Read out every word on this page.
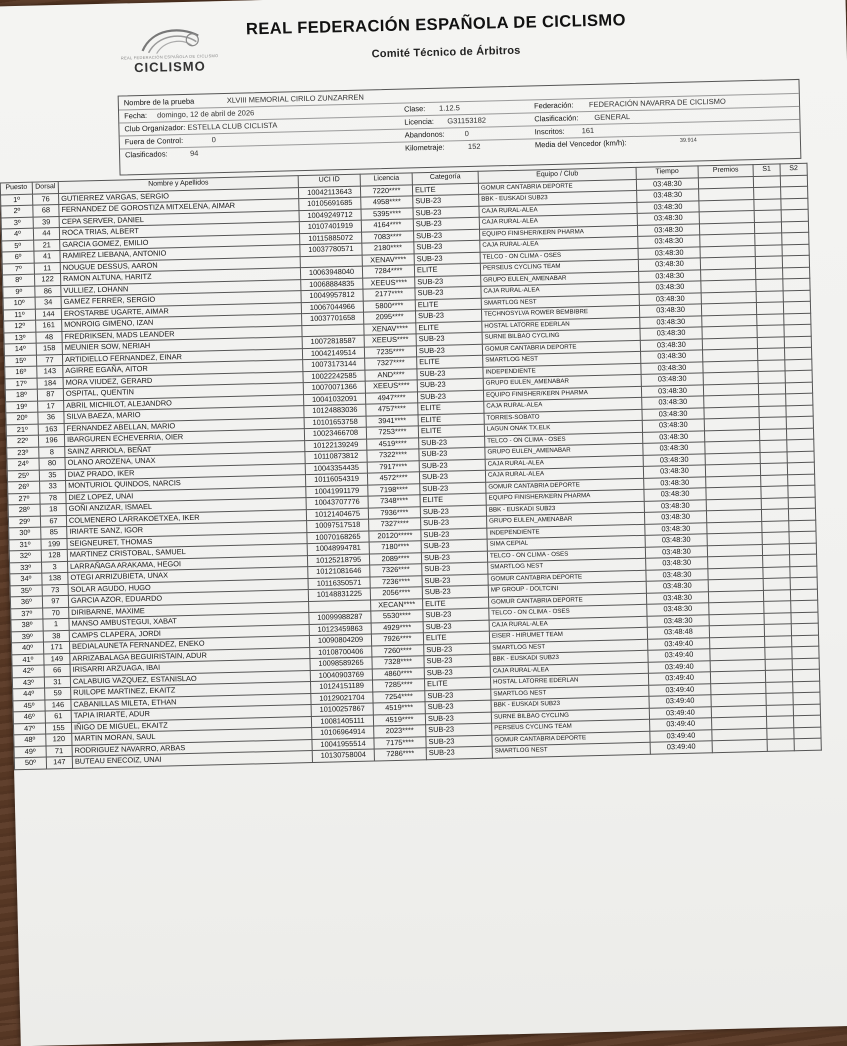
REAL FEDERACIÓN ESPAÑOLA DE CICLISMO
CICLISMO
REAL FEDERACIÓN ESPAÑOLA DE CICLISMO
Comité Técnico de Árbitros
Nombre de la prueba	XLVIII MEMORIAL CIRILO ZUNZARREN
Fecha: domingo, 12 de abril de 2026	Clase: 1.12.5	Federación: FEDERACIÓN NAVARRA DE CICLISMO
Club Organizador: ESTELLA CLUB CICLISTA	Licencia: G31153182	Clasificación: GENERAL
Fuera de Control:	0
Abandonos:	0	Inscritos: 161
Clasificados:	94
Kilometraje:	152	Media del Vencedor (km/h):	39.914
Puesto	Dorsal	Nombre y Apellidos	UCI ID	Licencia	Categoría	Equipo / Club	Tiempo	Premios	S1	S2
1º	76	GUTIERREZ VARGAS, SERGIO	10042113643	7220****	ELITE	GOMUR CANTABRIA DEPORTE	03:48:30			
2º	68	FERNANDEZ DE GOROSTIZA MITXELENA, AIMAR	10105691685	4958****	SUB-23	BBK - EUSKADI SUB23	03:48:30			
3º	39	CEPA SERVER, DANIEL	10049249712	5395****	SUB-23	CAJA RURAL-ALEA	03:48:30			
4º	44	ROCA TRIAS, ALBERT	10107401919	4164****	SUB-23	CAJA RURAL-ALEA	03:48:30			
5º	21	GARCIA GOMEZ, EMILIO	10115885072	7083****	SUB-23	EQUIPO FINISHER/KERN PHARMA	03:48:30			
6º	41	RAMIREZ LIEBANA, ANTONIO	10037780571	2180****	SUB-23	CAJA RURAL-ALEA	03:48:30			
7º	11	NOUGUE DESSUS, AARON		XENAV****	SUB-23	TELCO - ON CLIMA - OSES	03:48:30			
8º	122	RAMON ALTUNA, HARITZ	10063948040	7284****	ELITE	PERSEUS CYCLING TEAM	03:48:30			
9º	86	VULLIEZ, LOHANN	10068884835	XEEUS****	SUB-23	GRUPO EULEN_AMENABAR	03:48:30			
10º	34	GAMEZ FERRER, SERGIO	10049957812	2177****	SUB-23	CAJA RURAL-ALEA	03:48:30			
11º	144	EROSTARBE UGARTE, AIMAR	10067044966	5800****	ELITE	SMARTLOG NEST	03:48:30			
12º	161	MONROIG GIMENO, IZAN	10037701658	2095****	SUB-23	TECHNOSYLVA ROWER BEMBIBRE	03:48:30			
13º	48	FREDRIKSEN, MADS LEANDER		XENAV****	ELITE	HOSTAL LATORRE EDERLAN	03:48:30			
14º	158	MEUNIER SOW, NERIAH	10072818587	XEEUS****	SUB-23	SURNE BILBAO CYCLING	03:48:30			
15º	77	ARTIDIELLO FERNANDEZ, EINAR	10042149514	7235****	SUB-23	GOMUR CANTABRIA DEPORTE	03:48:30			
16º	143	AGIRRE EGAÑA, AITOR	10073173144	7327****	ELITE	SMARTLOG NEST	03:48:30			
17º	184	MORA VIUDEZ, GERARD	10022242585	AND****	SUB-23	INDEPENDIENTE	03:48:30			
18º	87	OSPITAL, QUENTIN	10070071366	XEEUS****	SUB-23	GRUPO EULEN_AMENABAR	03:48:30			
19º	17	ABRIL MICHILOT, ALEJANDRO	10041032091	4947****	SUB-23	EQUIPO FINISHER/KERN PHARMA	03:48:30			
20º	36	SILVA BAEZA, MARIO	10124883036	4757****	ELITE	CAJA RURAL-ALEA	03:48:30			
21º	163	FERNANDEZ ABELLAN, MARIO	10101653758	3941****	ELITE	TORRES-SOBATO	03:48:30			
22º	196	IBARGUREN ECHEVERRIA, OIER	10023466708	7253****	ELITE	LAGUN ONAK TX.ELK	03:48:30			
23º	8	SAINZ ARRIOLA, BEÑAT	10122139249	4519****	SUB-23	TELCO - ON CLIMA - OSES	03:48:30			
24º	80	OLANO AROZENA, UNAX	10110873812	7322****	SUB-23	GRUPO EULEN_AMENABAR	03:48:30			
25º	35	DIAZ PRADO, IKER	10043354435	7917****	SUB-23	CAJA RURAL-ALEA	03:48:30			
26º	33	MONTURIOL QUINDOS, NARCIS	10116054319	4572****	SUB-23	CAJA RURAL-ALEA	03:48:30			
27º	78	DIEZ LOPEZ, UNAI	10041991179	7198****	SUB-23	GOMUR CANTABRIA DEPORTE	03:48:30			
28º	18	GOÑI ANZIZAR, ISMAEL	10043707776	7348****	ELITE	EQUIPO FINISHER/KERN PHARMA	03:48:30			
29º	67	COLMENERO LARRAKOETXEA, IKER	10121404675	7936****	SUB-23	BBK - EUSKADI SUB23	03:48:30			
30º	85	IRIARTE SANZ, IGOR	10097517518	7327****	SUB-23	GRUPO EULEN_AMENABAR	03:48:30			
31º	199	SEIGNEURET, THOMAS	10070168265	20120*****	SUB-23	INDEPENDIENTE	03:48:30			
32º	128	MARTINEZ CRISTOBAL, SAMUEL	10048994781	7180****	SUB-23	SIMA CEPIAL	03:48:30			
33º	3	LARRAÑAGA ARAKAMA, HEGOI	10125218795	2089****	SUB-23	TELCO - ON CLIMA - OSES	03:48:30			
34º	138	OTEGI ARRIZUBIETA, UNAX	10121081646	7326****	SUB-23	SMARTLOG NEST	03:48:30			
35º	73	SOLAR AGUDO, HUGO	10116350571	7236****	SUB-23	GOMUR CANTABRIA DEPORTE	03:48:30			
36º	97	GARCIA AZOR, EDUARDO	10148831225	2056****	SUB-23	MP GROUP - DOLTCINI	03:48:30			
37º	70	DIRIBARNE, MAXIME		XECAN****	ELITE	GOMUR CANTABRIA DEPORTE	03:48:30			
38º	1	MANSO AMBUSTEGUI, XABAT	10099988287	5530****	SUB-23	TELCO - ON CLIMA - OSES	03:48:30			
39º	38	CAMPS CLAPERA, JORDI	10123459863	4929****	SUB-23	CAJA RURAL-ALEA	03:48:30			
40º	171	BEDIALAUNETA FERNANDEZ, ENEKO	10090804209	7926****	ELITE	EISER - HIRUMET TEAM	03:48:48			
41º	149	ARRIZABALAGA BEGUIRISTAIN, ADUR	10108700406	7260****	SUB-23	SMARTLOG NEST	03:49:40			
42º	66	IRISARRI ARZUAGA, IBAI	10098589265	7328****	SUB-23	BBK - EUSKADI SUB23	03:49:40			
43º	31	CALABUIG VAZQUEZ, ESTANISLAO	10040903769	4860****	SUB-23	CAJA RURAL-ALEA	03:49:40			
44º	59	RUILOPE MARTINEZ, EKAITZ	10124151189	7285****	ELITE	HOSTAL LATORRE EDERLAN	03:49:40			
45º	146	CABANILLAS MILETA, ETHAN	10129021704	7254****	SUB-23	SMARTLOG NEST	03:49:40			
46º	61	TAPIA IRIARTE, ADUR	10100257867	4519****	SUB-23	BBK - EUSKADI SUB23	03:49:40			
47º	155	IÑIGO DE MIGUEL, EKAITZ	10081405111	4519****	SUB-23	SURNE BILBAO CYCLING	03:49:40			
48º	120	MARTIN MORAN, SAUL	10106964914	2023****	SUB-23	PERSEUS CYCLING TEAM	03:49:40			
49º	71	RODRIGUEZ NAVARRO, ARBAS	10041955514	7175****	SUB-23	GOMUR CANTABRIA DEPORTE	03:49:40			
50º	147	BUTEAU ENECOIZ, UNAI	10130758004	7286****	SUB-23	SMARTLOG NEST	03:49:40			
